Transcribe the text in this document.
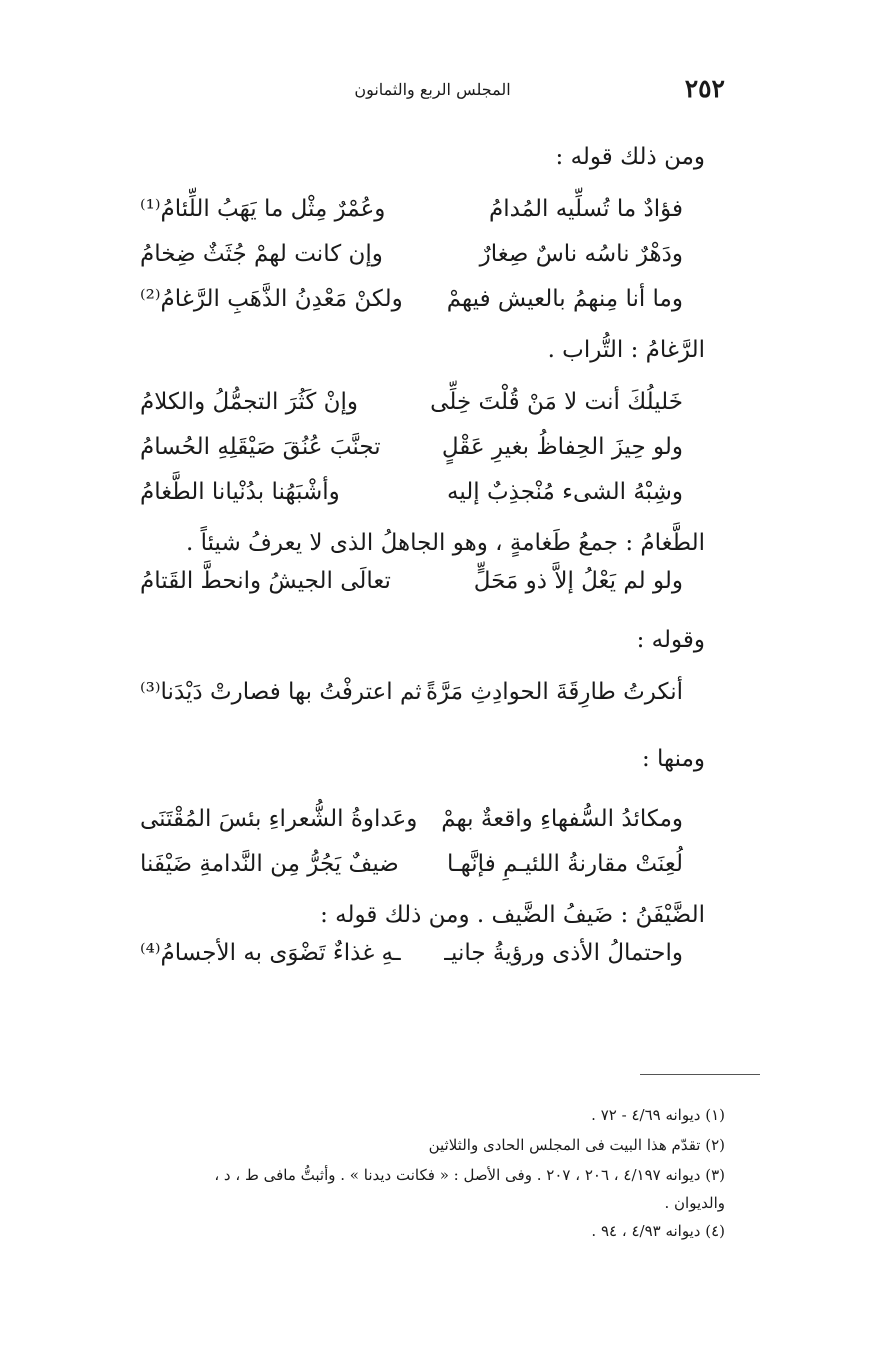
٢٥٢
المجلس الربع والثمانون
ومن ذلك قوله :
فؤادٌ ما تُسلِّيه المُدامُ
وعُمْرٌ مِثْل ما يَهَبُ اللِّئامُ⁽¹⁾
ودَهْرٌ ناسُه ناسٌ صِغارٌ
وإن كانت لهمْ جُثَثٌ ضِخامُ
وما أنا مِنهمُ بالعيش فيهمْ
ولكنْ مَعْدِنُ الذَّهَبِ الرَّغامُ⁽²⁾
الرَّغامُ : التُّراب .
خَليلُكَ أنت لا مَنْ قُلْتَ خِلِّى
وإنْ كَثُرَ التجمُّلُ والكلامُ
ولو حِيزَ الحِفاظُ بغيرِ عَقْلٍ
تجنَّبَ عُنُقَ صَيْقَلِهِ الحُسامُ
وشِبْهُ الشىء مُنْجذِبٌ إليه
وأشْبَهُنا بدُنْيانا الطَّغامُ
الطَّغامُ : جمعُ طَغامةٍ ، وهو الجاهلُ الذى لا يعرفُ شيئاً .
ولو لم يَعْلُ إلاَّ ذو مَحَلٍّ
تعالَى الجيشُ وانحطَّ القَتامُ
وقوله :
أنكرتُ طارِقَةَ الحوادِثِ مَرَّةً
ثم اعترفْتُ بها فصارتْ دَيْدَنا⁽³⁾
ومنها :
ومكائدُ السُّفهاءِ واقعةٌ بهمْ
وعَداوةُ الشُّعراءِ بئسَ المُقْتَنَى
لُعِنَتْ مقارنةُ اللئيـمِ فإنَّهـا
ضيفٌ يَجُرُّ مِن النَّدامةِ ضَيْفَنا
الضَّيْفَنُ : ضَيفُ الضَّيف . ومن ذلك قوله :
واحتمالُ الأذى ورؤيةُ جانيـ
ـهِ غذاءٌ تَضْوَى به الأجسامُ⁽⁴⁾
(١) ديوانه ٤/٦٩ - ٧٢ .
(٢) تقدّم هذا البيت فى المجلس الحادى والثلاثين
(٣) ديوانه ٤/١٩٧ ، ٢٠٦ ، ٢٠٧ . وفى الأصل : « فكانت ديدنا » . وأثبتُّ مافى ط ، د ،
والديوان .
(٤) ديوانه ٤/٩٣ ، ٩٤ .
